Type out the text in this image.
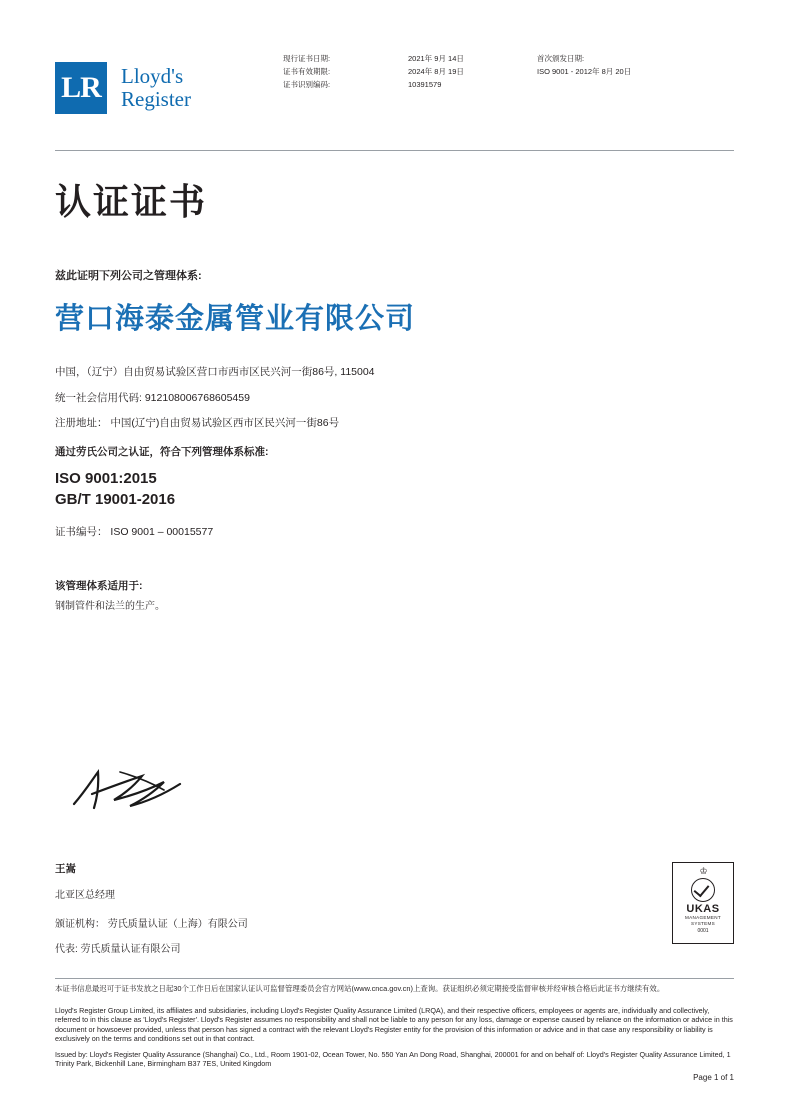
LR Lloyd's
Register
现行证书日期:
证书有效期限:
证书识别编码:
2021年 9月 14日
2024年 8月 19日
10391579
首次颁发日期:
ISO 9001 - 2012年 8月 20日
认证证书
兹此证明下列公司之管理体系:
营口海泰金属管业有限公司
中国，（辽宁）自由贸易试验区营口市西市区民兴河一街86号, 115004
统一社会信用代码: 912108006768605459
注册地址： 中国(辽宁)自由贸易试验区西市区民兴河一街86号
通过劳氏公司之认证，符合下列管理体系标准:
ISO 9001:2015
GB/T 19001-2016
证书编号： ISO 9001 – 00015577
该管理体系适用于:
钢制管件和法兰的生产。
王嵩
北亚区总经理
颁证机构： 劳氏质量认证（上海）有限公司
代表: 劳氏质量认证有限公司
♔
UKAS
MANAGEMENT
SYSTEMS
0001
本证书信息最迟可于证书发放之日起30个工作日后在国家认证认可监督管理委员会官方网站(www.cnca.gov.cn)上查询。获证组织必须定期接受监督审核并经审核合格后此证书方继续有效。

Lloyd's Register Group Limited, its affiliates and subsidiaries, including Lloyd's Register Quality Assurance Limited (LRQA), and their respective officers, employees or agents are, individually and collectively, referred to in this clause as 'Lloyd's Register'. Lloyd's Register assumes no responsibility and shall not be liable to any person for any loss, damage or expense caused by reliance on the information or advice in this document or howsoever provided, unless that person has signed a contract with the relevant Lloyd's Register entity for the provision of this information or advice and in that case any responsibility or liability is exclusively on the terms and conditions set out in that contract.

Issued by: Lloyd's Register Quality Assurance (Shanghai) Co., Ltd., Room 1901-02, Ocean Tower, No. 550 Yan An Dong Road, Shanghai, 200001 for and on behalf of: Lloyd's Register Quality Assurance Limited, 1 Trinity Park, Bickenhill Lane, Birmingham B37 7ES, United Kingdom

Page 1 of 1
